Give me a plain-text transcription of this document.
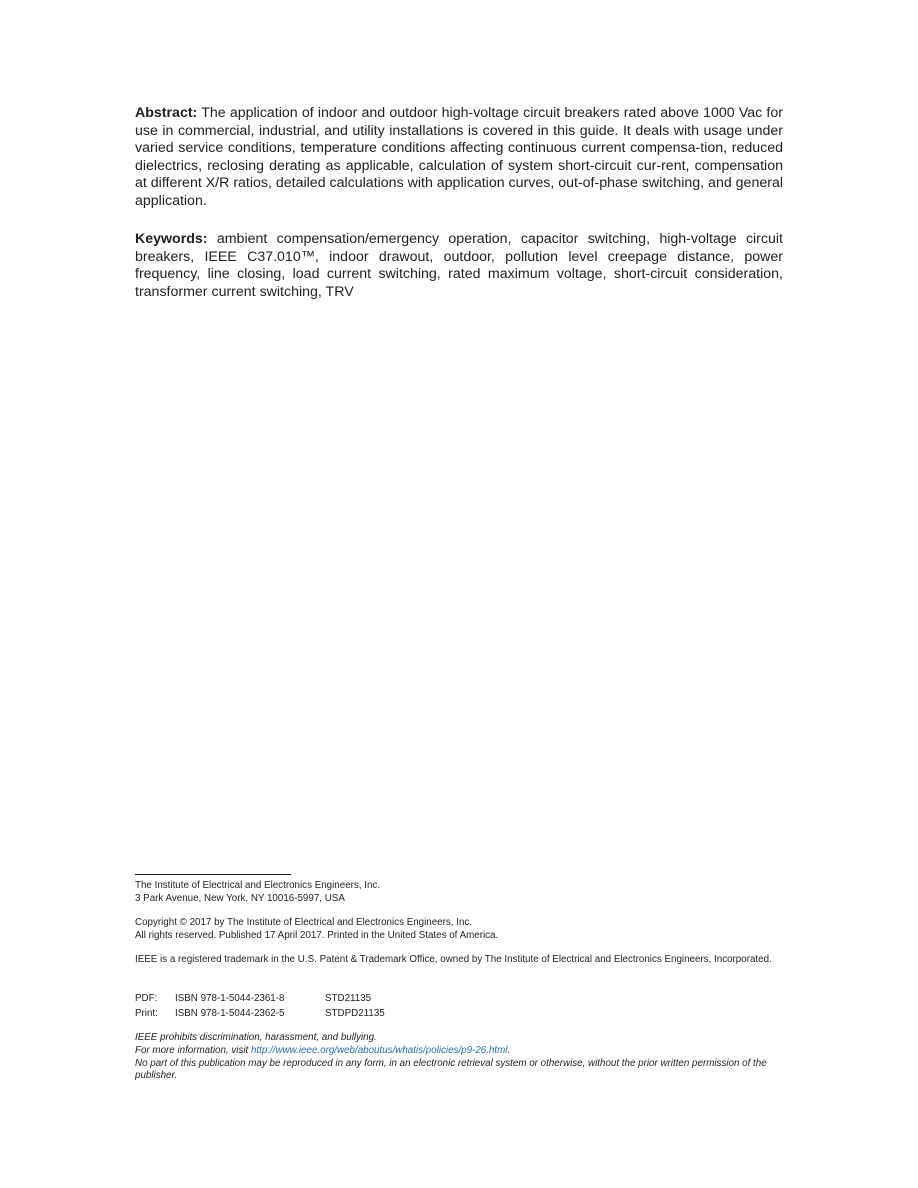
Abstract: The application of indoor and outdoor high-voltage circuit breakers rated above 1000 Vac for use in commercial, industrial, and utility installations is covered in this guide. It deals with usage under varied service conditions, temperature conditions affecting continuous current compensa-tion, reduced dielectrics, reclosing derating as applicable, calculation of system short-circuit cur-rent, compensation at different X/R ratios, detailed calculations with application curves, out-of-phase switching, and general application.

Keywords: ambient compensation/emergency operation, capacitor switching, high-voltage circuit breakers, IEEE C37.010™, indoor drawout, outdoor, pollution level creepage distance, power frequency, line closing, load current switching, rated maximum voltage, short-circuit consideration, transformer current switching, TRV

The Institute of Electrical and Electronics Engineers, Inc.
3 Park Avenue, New York, NY 10016-5997, USA
Copyright © 2017 by The Institute of Electrical and Electronics Engineers, Inc.
All rights reserved. Published 17 April 2017. Printed in the United States of America.
IEEE is a registered trademark in the U.S. Patent & Trademark Office, owned by The Institute of Electrical and Electronics Engineers, Incorporated.
PDF: ISBN 978-1-5044-2361-8	STD21135
Print: ISBN 978-1-5044-2362-5	STDPD21135
IEEE prohibits discrimination, harassment, and bullying.
For more information, visit http://www.ieee.org/web/aboutus/whatis/policies/p9-26.html.
No part of this publication may be reproduced in any form, in an electronic retrieval system or otherwise, without the prior written permission of the publisher.
